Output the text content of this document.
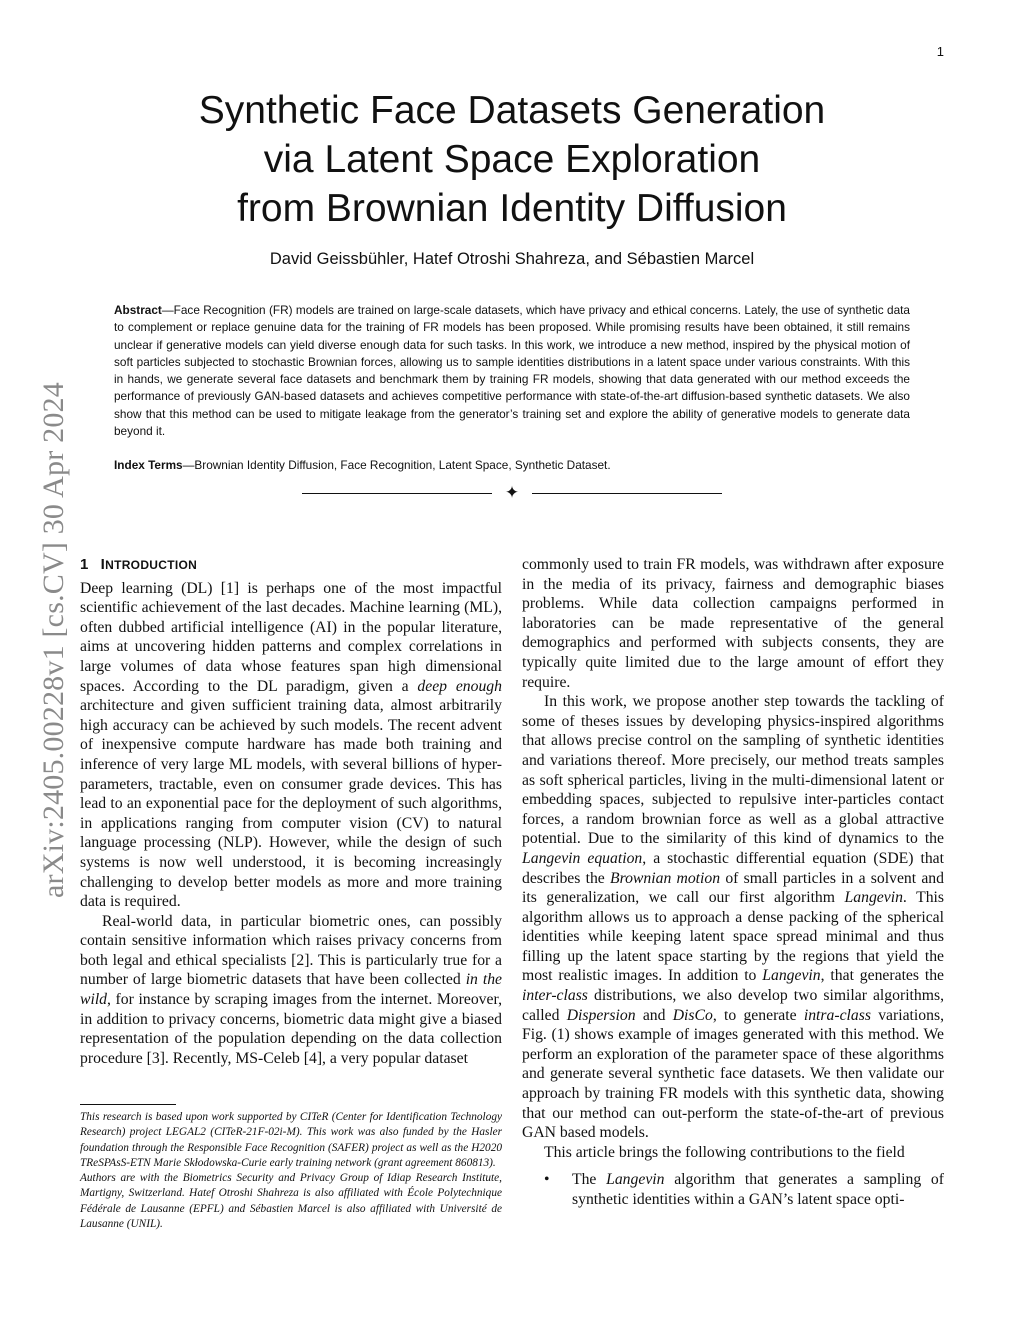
1
arXiv:2405.00228v1 [cs.CV] 30 Apr 2024
Synthetic Face Datasets Generation
via Latent Space Exploration
from Brownian Identity Diffusion
David Geissbühler, Hatef Otroshi Shahreza, and Sébastien Marcel

Abstract—Face Recognition (FR) models are trained on large-scale datasets, which have privacy and ethical concerns. Lately, the use of synthetic data to complement or replace genuine data for the training of FR models has been proposed. While promising results have been obtained, it still remains unclear if generative models can yield diverse enough data for such tasks. In this work, we introduce a new method, inspired by the physical motion of soft particles subjected to stochastic Brownian forces, allowing us to sample identities distributions in a latent space under various constraints. With this in hands, we generate several face datasets and benchmark them by training FR models, showing that data generated with our method exceeds the performance of previously GAN-based datasets and achieves competitive performance with state-of-the-art diffusion-based synthetic datasets. We also show that this method can be used to mitigate leakage from the generator’s training set and explore the ability of generative models to generate data beyond it.

Index Terms—Brownian Identity Diffusion, Face Recognition, Latent Space, Synthetic Dataset.

✦
1 INTRODUCTION

Deep learning (DL) [1] is perhaps one of the most impactful scientific achievement of the last decades. Machine learning (ML), often dubbed artificial intelligence (AI) in the popular literature, aims at uncovering hidden patterns and complex correlations in large volumes of data whose features span high dimensional spaces. According to the DL paradigm, given a deep enough architecture and given sufficient training data, almost arbitrarily high accuracy can be achieved by such models. The recent advent of inexpensive compute hardware has made both training and inference of very large ML models, with several billions of hyper-parameters, tractable, even on consumer grade devices. This has lead to an exponential pace for the deployment of such algorithms, in applications ranging from computer vision (CV) to natural language processing (NLP). However, while the design of such systems is now well understood, it is becoming increasingly challenging to develop better models as more and more training data is required.

Real-world data, in particular biometric ones, can possibly contain sensitive information which raises privacy concerns from both legal and ethical specialists [2]. This is particularly true for a number of large biometric datasets that have been collected in the wild, for instance by scraping images from the internet. Moreover, in addition to privacy concerns, biometric data might give a biased representation of the population depending on the data collection procedure [3]. Recently, MS-Celeb [4], a very popular dataset

This research is based upon work supported by CITeR (Center for Identification Technology Research) project LEGAL2 (CITeR-21F-02i-M). This work was also funded by the Hasler foundation through the Responsible Face Recognition (SAFER) project as well as the H2020 TReSPAsS-ETN Marie Skłodowska-Curie early training network (grant agreement 860813).

Authors are with the Biometrics Security and Privacy Group of Idiap Research Institute, Martigny, Switzerland. Hatef Otroshi Shahreza is also affiliated with École Polytechnique Fédérale de Lausanne (EPFL) and Sébastien Marcel is also affiliated with Université de Lausanne (UNIL).

commonly used to train FR models, was withdrawn after exposure in the media of its privacy, fairness and demographic biases problems. While data collection campaigns performed in laboratories can be made representative of the general demographics and performed with subjects consents, they are typically quite limited due to the large amount of effort they require.

In this work, we propose another step towards the tackling of some of theses issues by developing physics-inspired algorithms that allows precise control on the sampling of synthetic identities and variations thereof. More precisely, our method treats samples as soft spherical particles, living in the multi-dimensional latent or embedding spaces, subjected to repulsive inter-particles contact forces, a random brownian force as well as a global attractive potential. Due to the similarity of this kind of dynamics to the Langevin equation, a stochastic differential equation (SDE) that describes the Brownian motion of small particles in a solvent and its generalization, we call our first algorithm Langevin. This algorithm allows us to approach a dense packing of the spherical identities while keeping latent space spread minimal and thus filling up the latent space starting by the regions that yield the most realistic images. In addition to Langevin, that generates the inter-class distributions, we also develop two similar algorithms, called Dispersion and DisCo, to generate intra-class variations, Fig. (1) shows example of images generated with this method. We perform an exploration of the parameter space of these algorithms and generate several synthetic face datasets. We then validate our approach by training FR models with this synthetic data, showing that our method can out-perform the state-of-the-art of previous GAN based models.

This article brings the following contributions to the field

• The Langevin algorithm that generates a sampling of synthetic identities within a GAN’s latent space opti-
